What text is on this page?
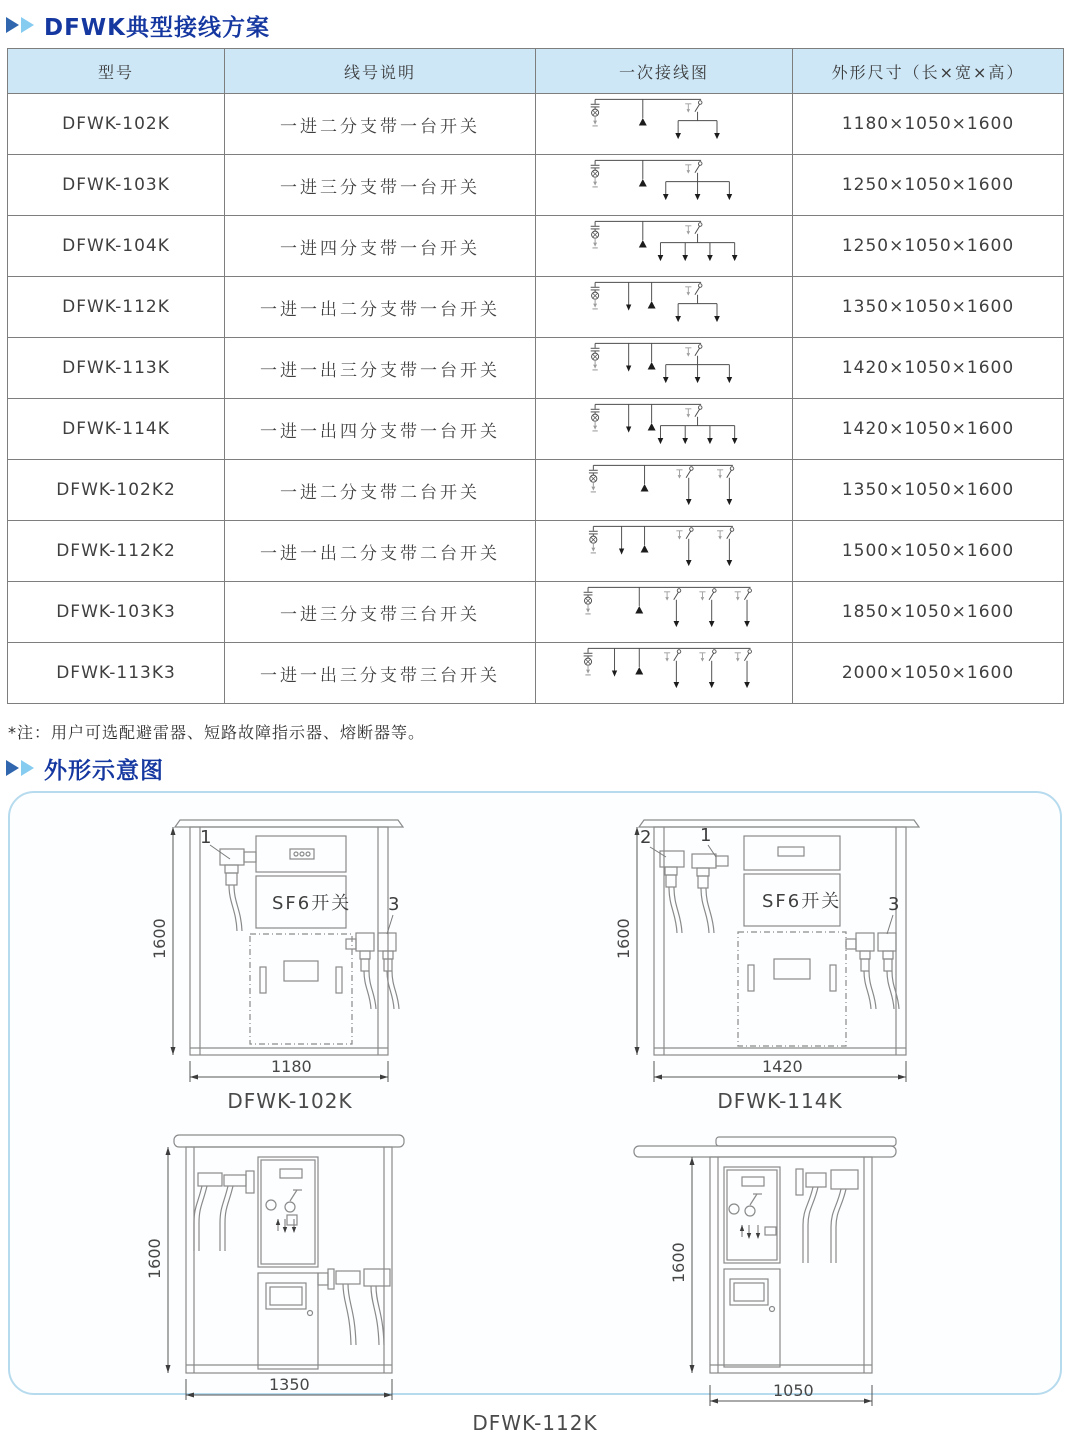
DFWK典型接线方案
型号	线号说明	一次接线图	外形尺寸（长×宽×高）
DFWK-102K	一进二分支带一台开关		1180×1050×1600
DFWK-103K	一进三分支带一台开关		1250×1050×1600
DFWK-104K	一进四分支带一台开关		1250×1050×1600
DFWK-112K	一进一出二分支带一台开关		1350×1050×1600
DFWK-113K	一进一出三分支带一台开关		1420×1050×1600
DFWK-114K	一进一出四分支带一台开关		1420×1050×1600
DFWK-102K2	一进二分支带二台开关		1350×1050×1600
DFWK-112K2	一进一出二分支带二台开关		1500×1050×1600
DFWK-103K3	一进三分支带三台开关		1850×1050×1600
DFWK-113K3	一进一出三分支带三台开关		2000×1050×1600
*注：用户可选配避雷器、短路故障指示器、熔断器等。
外形示意图
1
3
SF6开关
1600
1180
DFWK-102K
2	1
3
SF6开关
1600
1420
DFWK-114K
1600
1350
1600
1050
DFWK-112K
